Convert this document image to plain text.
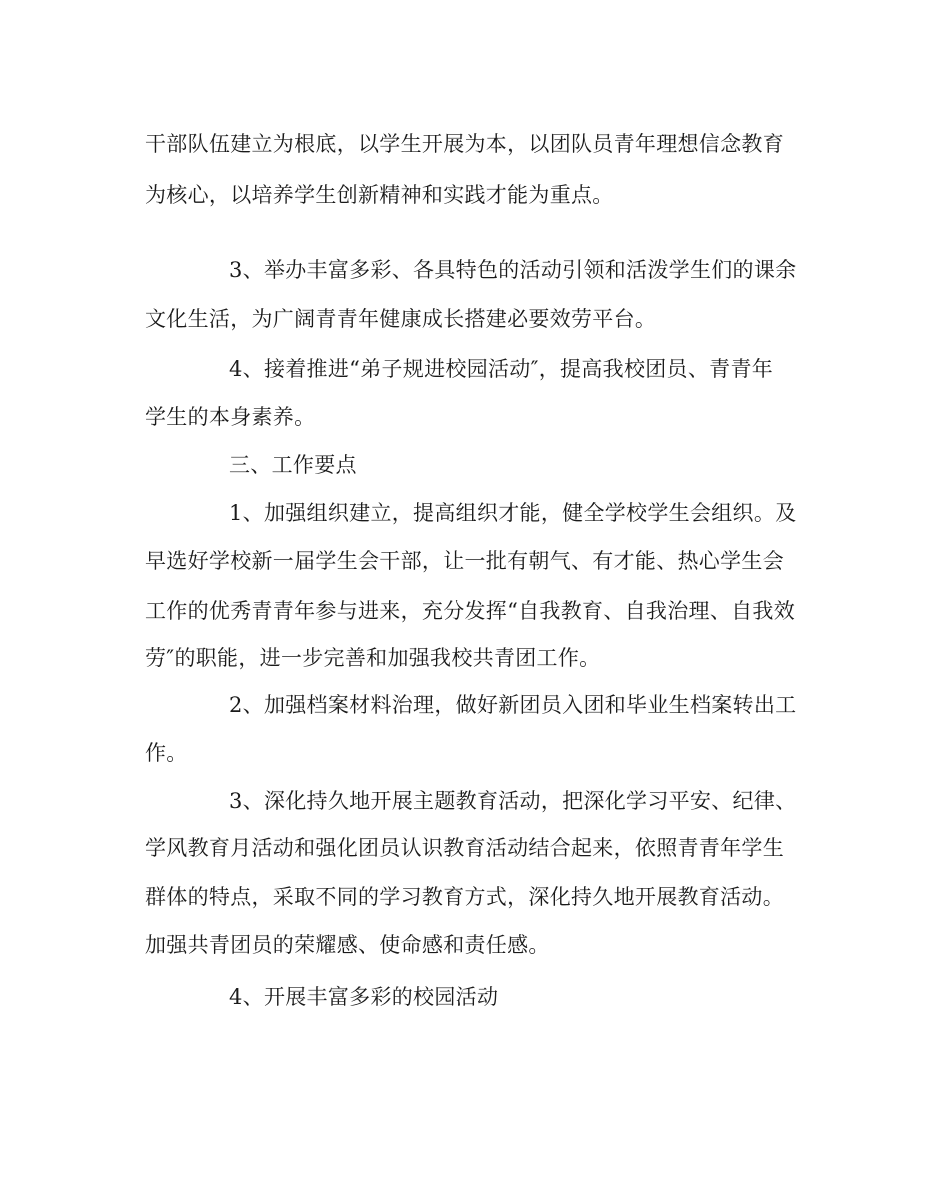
干部队伍建立为根底，以学生开展为本，以团队员青年理想信念教育
为核心，以培养学生创新精神和实践才能为重点。
3、举办丰富多彩、各具特色的活动引领和活泼学生们的课余
文化生活，为广阔青青年健康成长搭建必要效劳平台。
4、接着推进“弟子规进校园活动″，提高我校团员、青青年
学生的本身素养。
三、工作要点
1、加强组织建立，提高组织才能，健全学校学生会组织。及
早选好学校新一届学生会干部，让一批有朝气、有才能、热心学生会
工作的优秀青青年参与进来，充分发挥“自我教育、自我治理、自我效
劳″的职能，进一步完善和加强我校共青团工作。
2、加强档案材料治理，做好新团员入团和毕业生档案转出工
作。
3、深化持久地开展主题教育活动，把深化学习平安、纪律、
学风教育月活动和强化团员认识教育活动结合起来，依照青青年学生
群体的特点，采取不同的学习教育方式，深化持久地开展教育活动。
加强共青团员的荣耀感、使命感和责任感。
4、开展丰富多彩的校园活动
